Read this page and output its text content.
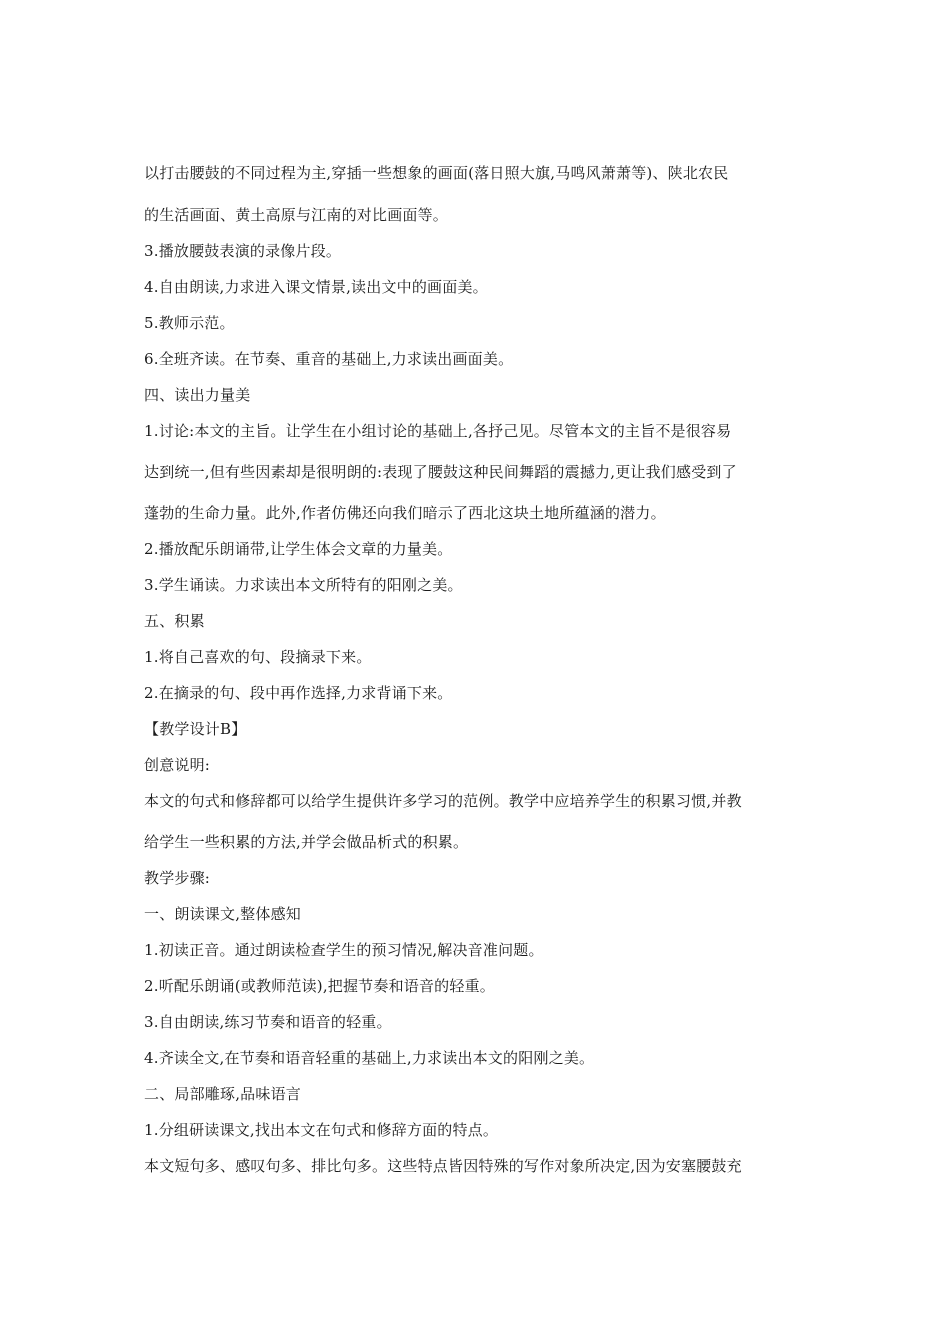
以打击腰鼓的不同过程为主,穿插一些想象的画面(落日照大旗,马鸣风萧萧等)、陕北农民
的生活画面、黄土高原与江南的对比画面等。
3.播放腰鼓表演的录像片段。
4.自由朗读,力求进入课文情景,读出文中的画面美。
5.教师示范。
6.全班齐读。在节奏、重音的基础上,力求读出画面美。
四、读出力量美
1.讨论:本文的主旨。让学生在小组讨论的基础上,各抒己见。尽管本文的主旨不是很容易
达到统一,但有些因素却是很明朗的:表现了腰鼓这种民间舞蹈的震撼力,更让我们感受到了
蓬勃的生命力量。此外,作者仿佛还向我们暗示了西北这块土地所蕴涵的潜力。
2.播放配乐朗诵带,让学生体会文章的力量美。
3.学生诵读。力求读出本文所特有的阳刚之美。
五、积累
1.将自己喜欢的句、段摘录下来。
2.在摘录的句、段中再作选择,力求背诵下来。
【教学设计B】
创意说明:
本文的句式和修辞都可以给学生提供许多学习的范例。教学中应培养学生的积累习惯,并教
给学生一些积累的方法,并学会做品析式的积累。
教学步骤:
一、朗读课文,整体感知
1.初读正音。通过朗读检查学生的预习情况,解决音准问题。
2.听配乐朗诵(或教师范读),把握节奏和语音的轻重。
3.自由朗读,练习节奏和语音的轻重。
4.齐读全文,在节奏和语音轻重的基础上,力求读出本文的阳刚之美。
二、局部雕琢,品味语言
1.分组研读课文,找出本文在句式和修辞方面的特点。
本文短句多、感叹句多、排比句多。这些特点皆因特殊的写作对象所决定,因为安塞腰鼓充
